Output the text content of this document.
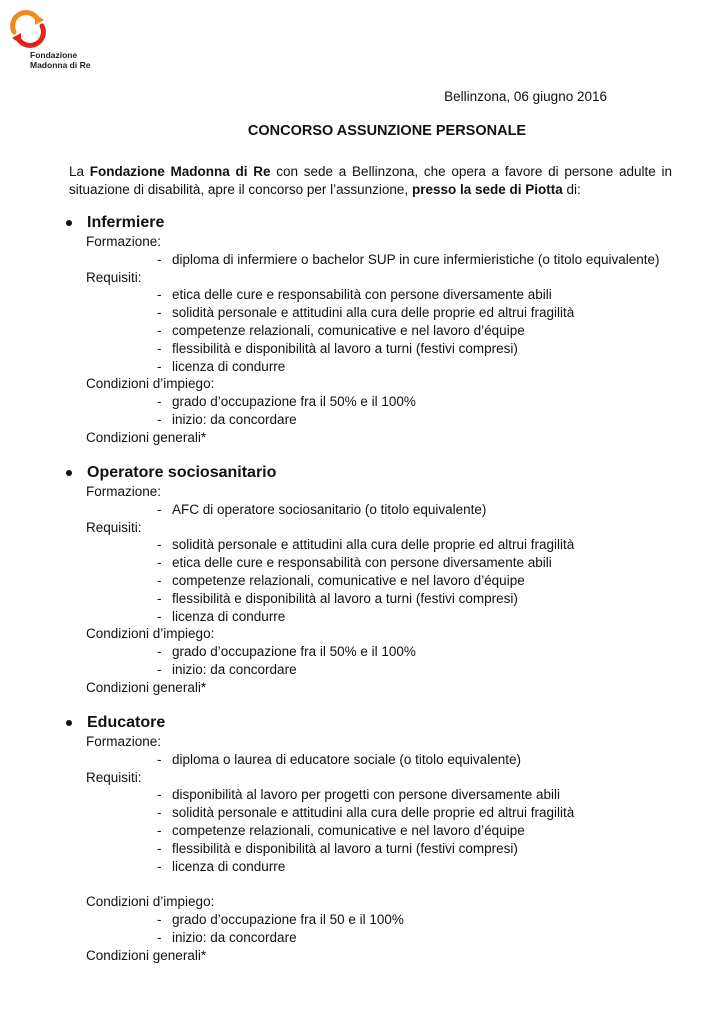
Fondazione
Madonna di Re
Bellinzona, 06 giugno 2016
CONCORSO ASSUNZIONE PERSONALE
La Fondazione Madonna di Re con sede a Bellinzona, che opera a favore di persone adulte in situazione di disabilità, apre il concorso per l’assunzione, presso la sede di Piotta di:
Infermiere
Formazione:
- diploma di infermiere o bachelor SUP in cure infermieristiche (o titolo equivalente)
Requisiti:
- etica delle cure e responsabilità con persone diversamente abili
- solidità personale e attitudini alla cura delle proprie ed altrui fragilità
- competenze relazionali, comunicative e nel lavoro d’équipe
- flessibilità e disponibilità al lavoro a turni (festivi compresi)
- licenza di condurre
Condizioni d’impiego:
- grado d’occupazione fra il 50% e il 100%
- inizio: da concordare
Condizioni generali*
Operatore sociosanitario
Formazione:
- AFC di operatore sociosanitario (o titolo equivalente)
Requisiti:
- solidità personale e attitudini alla cura delle proprie ed altrui fragilità
- etica delle cure e responsabilità con persone diversamente abili
- competenze relazionali, comunicative e nel lavoro d’équipe
- flessibilità e disponibilità al lavoro a turni (festivi compresi)
- licenza di condurre
Condizioni d’impiego:
- grado d’occupazione fra il 50% e il 100%
- inizio: da concordare
Condizioni generali*
Educatore
Formazione:
- diploma o laurea di educatore sociale (o titolo equivalente)
Requisiti:
- disponibilità al lavoro per progetti con persone diversamente abili
- solidità personale e attitudini alla cura delle proprie ed altrui fragilità
- competenze relazionali, comunicative e nel lavoro d’équipe
- flessibilità e disponibilità al lavoro a turni (festivi compresi)
- licenza di condurre
Condizioni d’impiego:
- grado d’occupazione fra il 50 e il 100%
- inizio: da concordare
Condizioni generali*
